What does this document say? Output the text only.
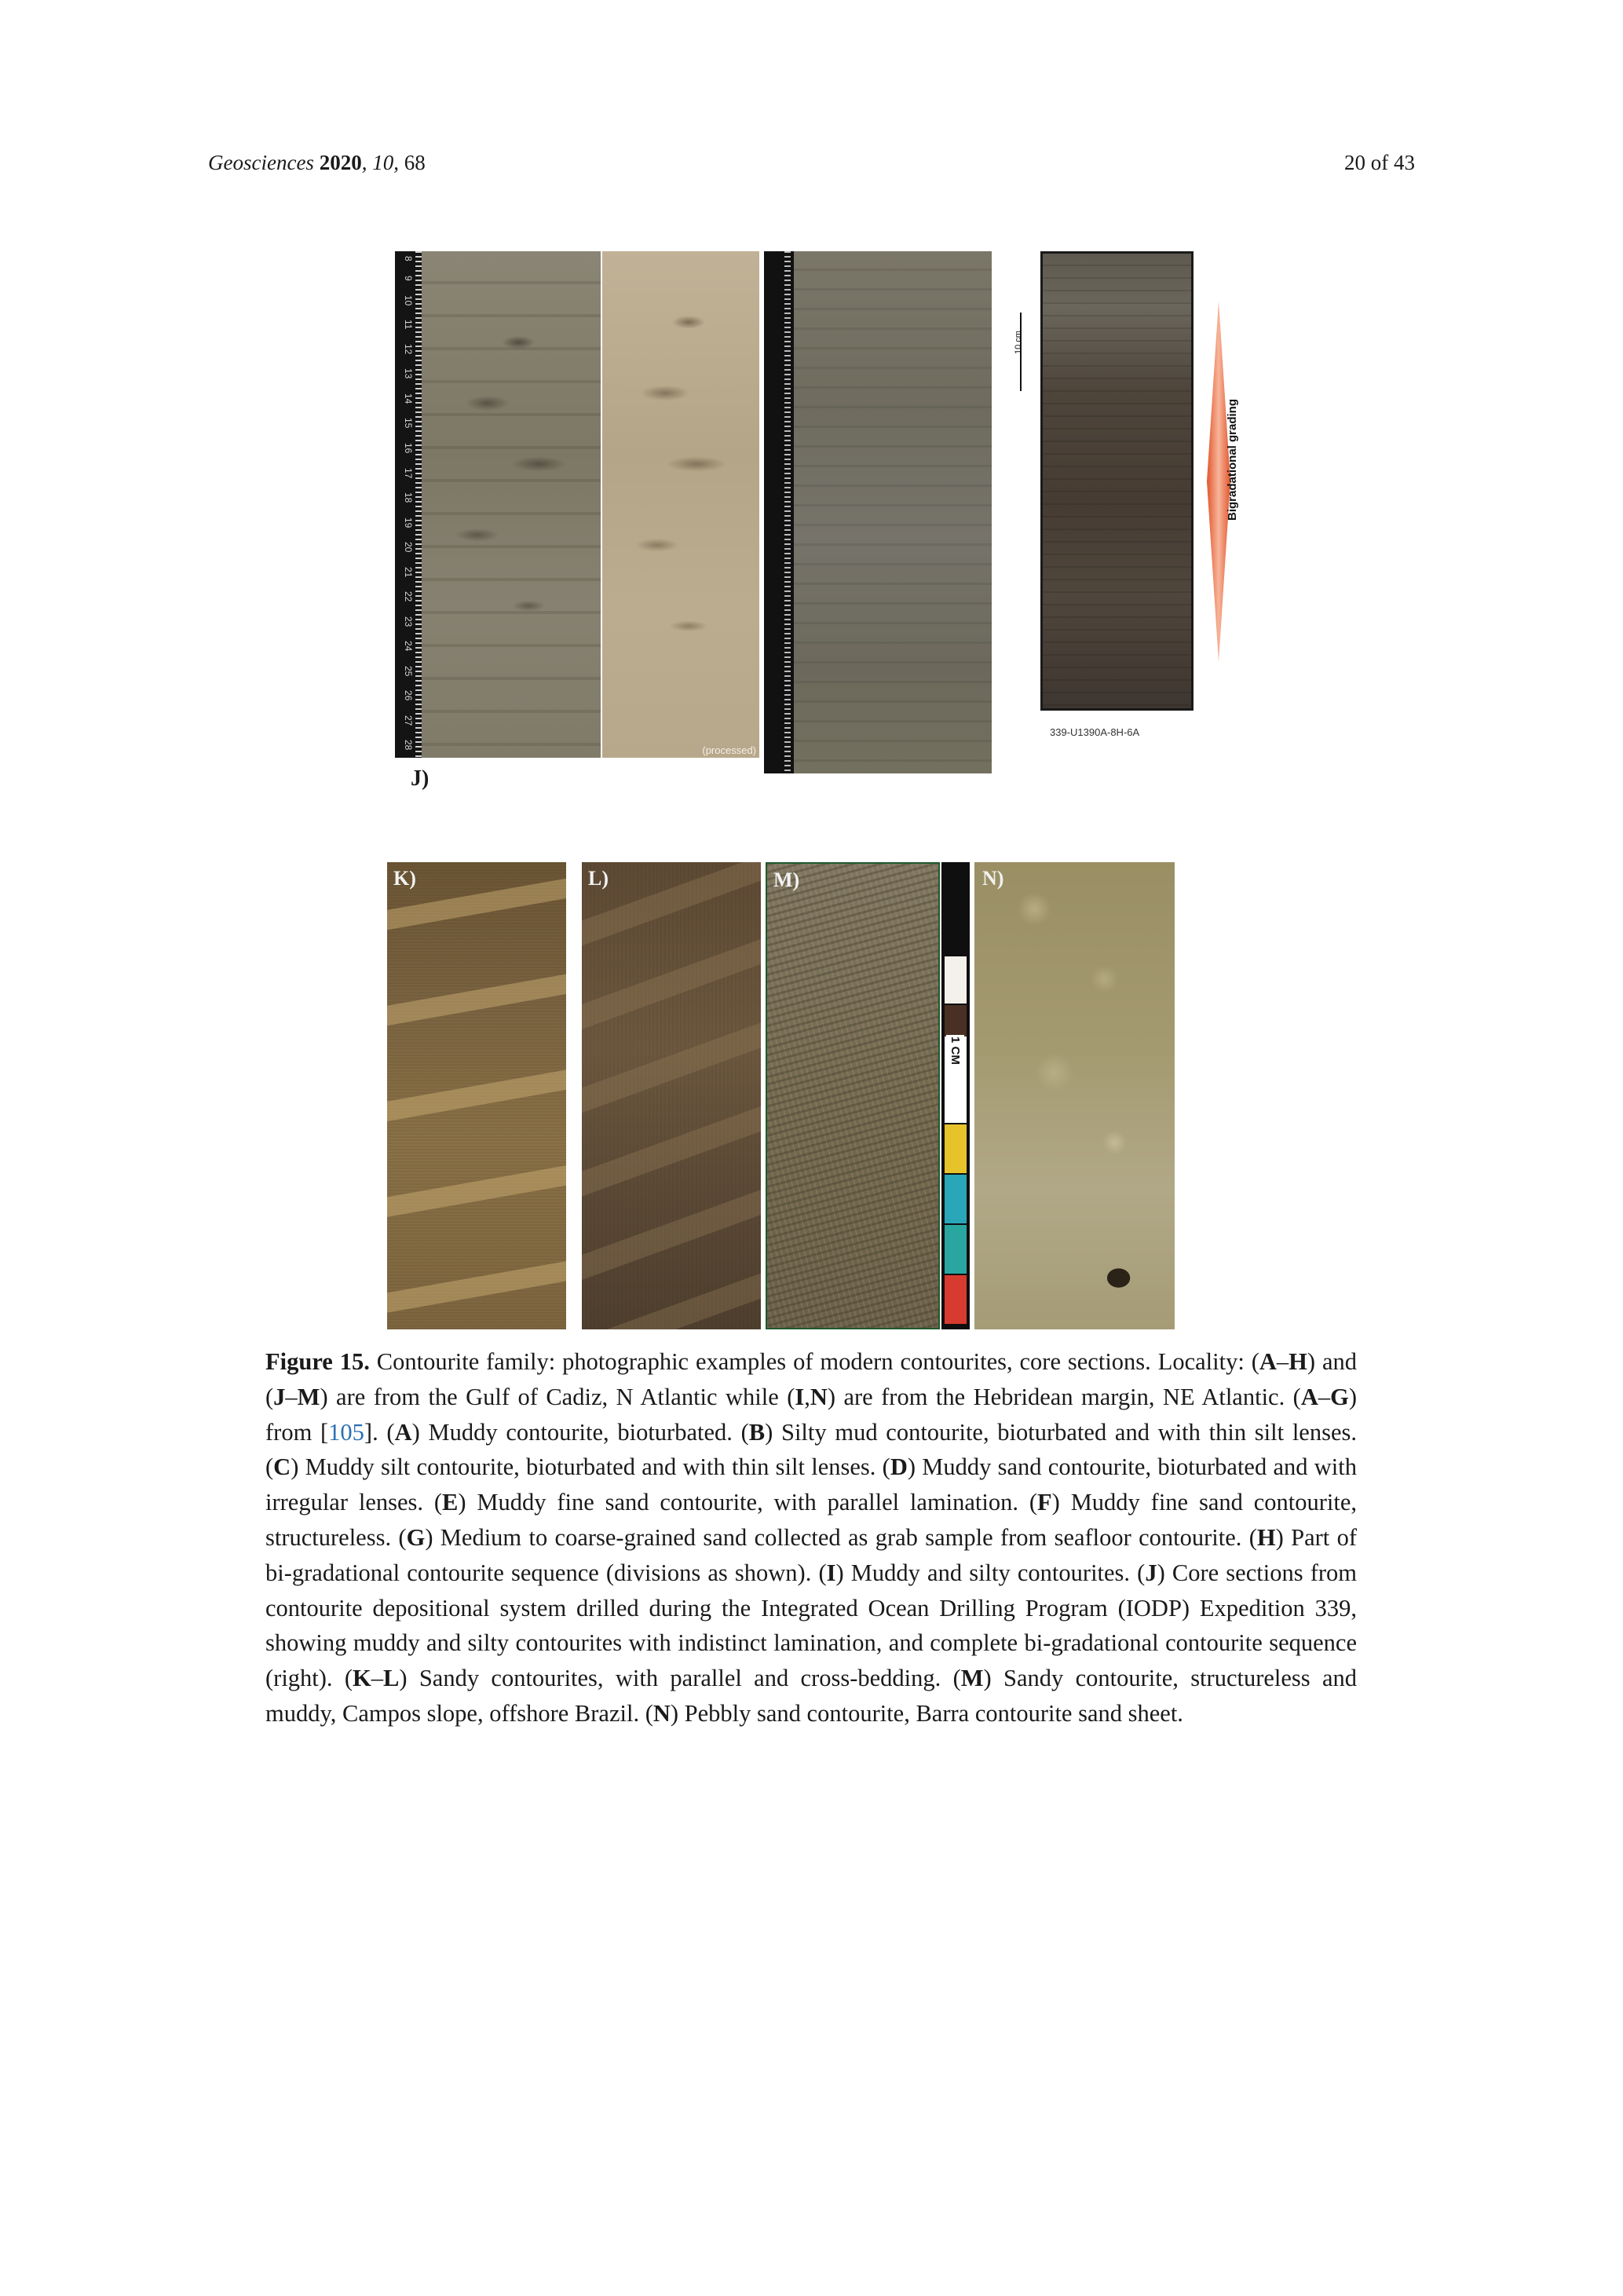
Geosciences 2020, 10, 68	20 of 43
8
9
10
11
12
13
14
15
16
17
18
19
20
21
22
23
24
25
26
27
28	(processed)
10 cm
339-U1390A-8H-6A
Bigradational grading
J)
K)	L)	M)
1 CM
N)

Figure 15. Contourite family: photographic examples of modern contourites, core sections. Locality: (A–H) and (J–M) are from the Gulf of Cadiz, N Atlantic while (I,N) are from the Hebridean margin, NE Atlantic. (A–G) from [105]. (A) Muddy contourite, bioturbated. (B) Silty mud contourite, bioturbated and with thin silt lenses. (C) Muddy silt contourite, bioturbated and with thin silt lenses. (D) Muddy sand contourite, bioturbated and with irregular lenses. (E) Muddy fine sand contourite, with parallel lamination. (F) Muddy fine sand contourite, structureless. (G) Medium to coarse-grained sand collected as grab sample from seafloor contourite. (H) Part of bi-gradational contourite sequence (divisions as shown). (I) Muddy and silty contourites. (J) Core sections from contourite depositional system drilled during the Integrated Ocean Drilling Program (IODP) Expedition 339, showing muddy and silty contourites with indistinct lamination, and complete bi-gradational contourite sequence (right). (K–L) Sandy contourites, with parallel and cross-bedding. (M) Sandy contourite, structureless and muddy, Campos slope, offshore Brazil. (N) Pebbly sand contourite, Barra contourite sand sheet.
